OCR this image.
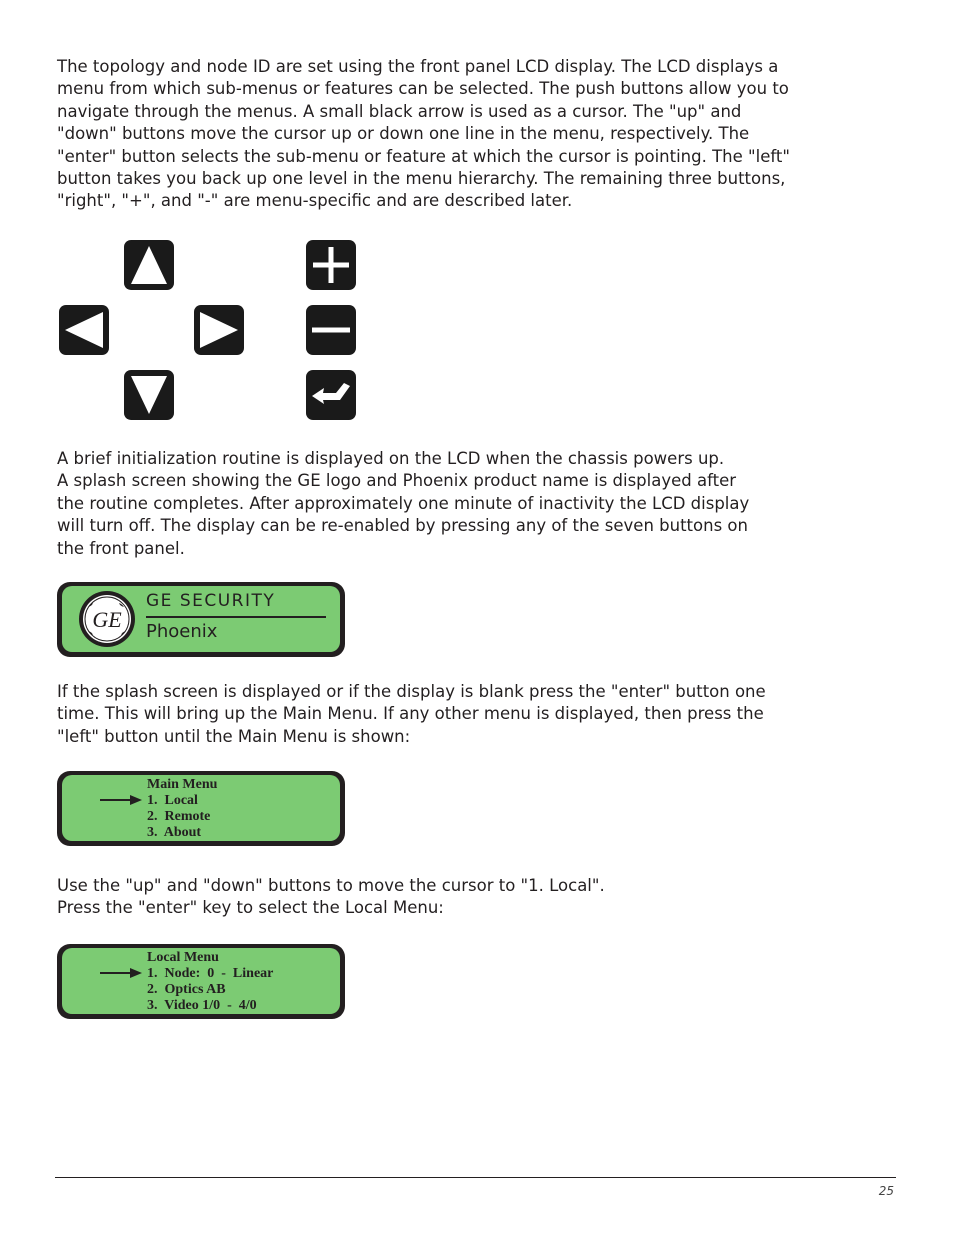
The topology and node ID are set using the front panel LCD display. The LCD displays a
menu from which sub-menus or features can be selected. The push buttons allow you to
navigate through the menus. A small black arrow is used as a cursor. The "up" and
"down" buttons move the cursor up or down one line in the menu, respectively. The
"enter" button selects the sub-menu or feature at which the cursor is pointing. The "left"
button takes you back up one level in the menu hierarchy. The remaining three buttons,
"right", "+", and "-" are menu-specific and are described later.

A brief initialization routine is displayed on the LCD when the chassis powers up.
A splash screen showing the GE logo and Phoenix product name is displayed after
the routine completes. After approximately one minute of inactivity the LCD display
will turn off. The display can be re-enabled by pressing any of the seven buttons on
the front panel.

GE
GE SECURITY
Phoenix

If the splash screen is displayed or if the display is blank press the "enter" button one
time. This will bring up the Main Menu. If any other menu is displayed, then press the
"left" button until the Main Menu is shown:

Main Menu
1.  Local
2.  Remote
3.  About

Use the "up" and "down" buttons to move the cursor to "1. Local".
Press the "enter" key to select the Local Menu:

Local Menu
1.  Node:  0  -  Linear
2.  Optics AB
3.  Video 1/0  -  4/0
25
